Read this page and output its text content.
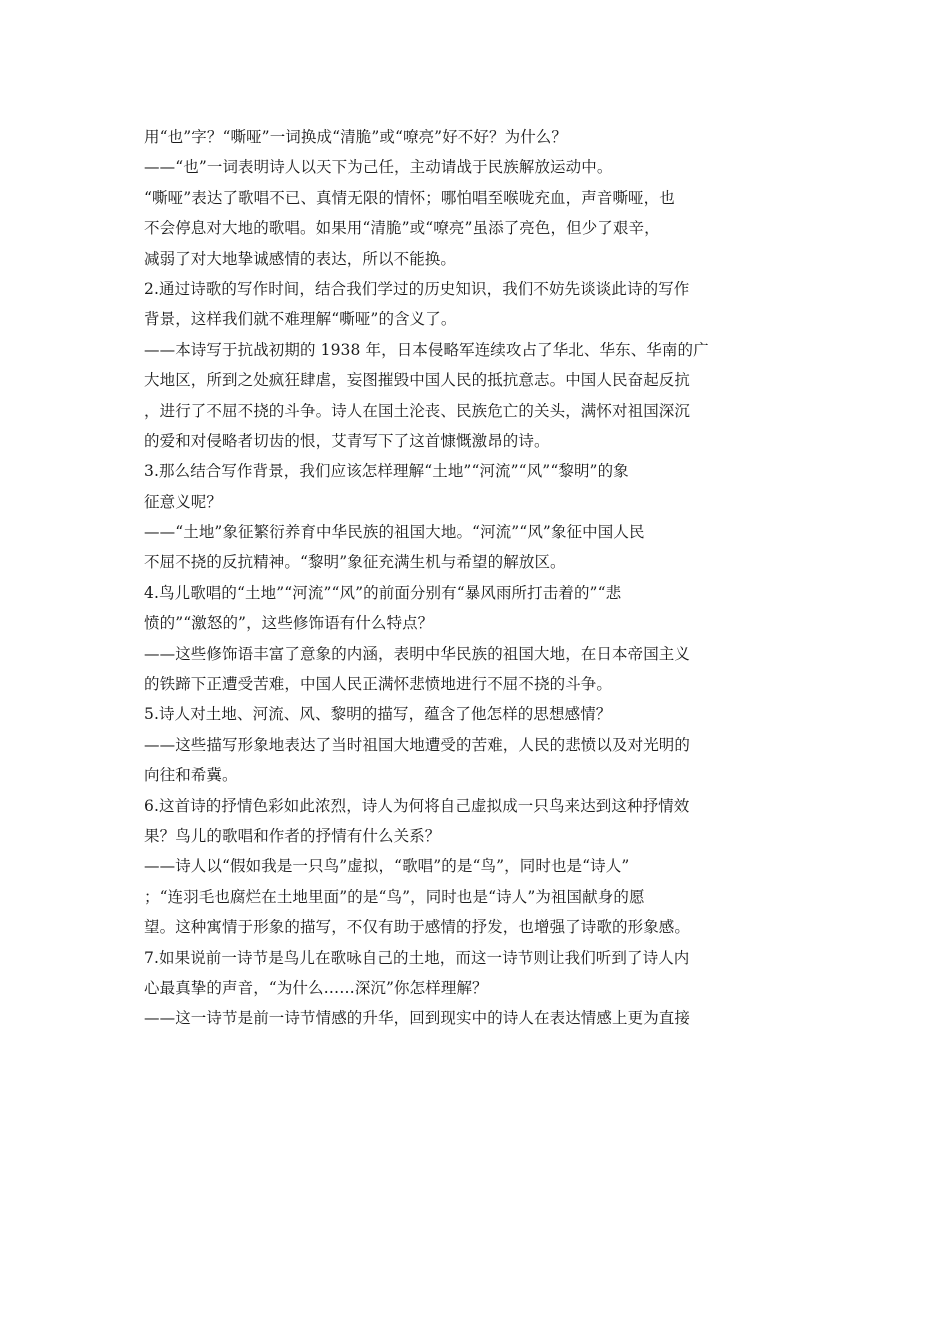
用“也”字？“嘶哑”一词换成“清脆”或“嘹亮”好不好？为什么？
——“也”一词表明诗人以天下为己任，主动请战于民族解放运动中。
“嘶哑”表达了歌唱不已、真情无限的情怀；哪怕唱至喉咙充血，声音嘶哑，也
不会停息对大地的歌唱。如果用“清脆”或“嘹亮”虽添了亮色，但少了艰辛，
减弱了对大地挚诚感情的表达，所以不能换。
2.通过诗歌的写作时间，结合我们学过的历史知识，我们不妨先谈谈此诗的写作
背景，这样我们就不难理解“嘶哑”的含义了。
——本诗写于抗战初期的 1938 年，日本侵略军连续攻占了华北、华东、华南的广
大地区，所到之处疯狂肆虐，妄图摧毁中国人民的抵抗意志。中国人民奋起反抗
，进行了不屈不挠的斗争。诗人在国土沦丧、民族危亡的关头，满怀对祖国深沉
的爱和对侵略者切齿的恨，艾青写下了这首慷慨激昂的诗。
3.那么结合写作背景，我们应该怎样理解“土地”“河流”“风”“黎明”的象
征意义呢？
——“土地”象征繁衍养育中华民族的祖国大地。“河流”“风”象征中国人民
不屈不挠的反抗精神。“黎明”象征充满生机与希望的解放区。
4.鸟儿歌唱的“土地”“河流”“风”的前面分别有“暴风雨所打击着的”“悲
愤的”“激怒的”，这些修饰语有什么特点？
——这些修饰语丰富了意象的内涵，表明中华民族的祖国大地，在日本帝国主义
的铁蹄下正遭受苦难，中国人民正满怀悲愤地进行不屈不挠的斗争。
5.诗人对土地、河流、风、黎明的描写，蕴含了他怎样的思想感情？
——这些描写形象地表达了当时祖国大地遭受的苦难，人民的悲愤以及对光明的
向往和希冀。
6.这首诗的抒情色彩如此浓烈，诗人为何将自己虚拟成一只鸟来达到这种抒情效
果？鸟儿的歌唱和作者的抒情有什么关系？
——诗人以“假如我是一只鸟”虚拟，“歌唱”的是“鸟”，同时也是“诗人”
；“连羽毛也腐烂在土地里面”的是“鸟”，同时也是“诗人”为祖国献身的愿
望。这种寓情于形象的描写，不仅有助于感情的抒发，也增强了诗歌的形象感。
7.如果说前一诗节是鸟儿在歌咏自己的土地，而这一诗节则让我们听到了诗人内
心最真挚的声音，“为什么……深沉”你怎样理解？
——这一诗节是前一诗节情感的升华，回到现实中的诗人在表达情感上更为直接
